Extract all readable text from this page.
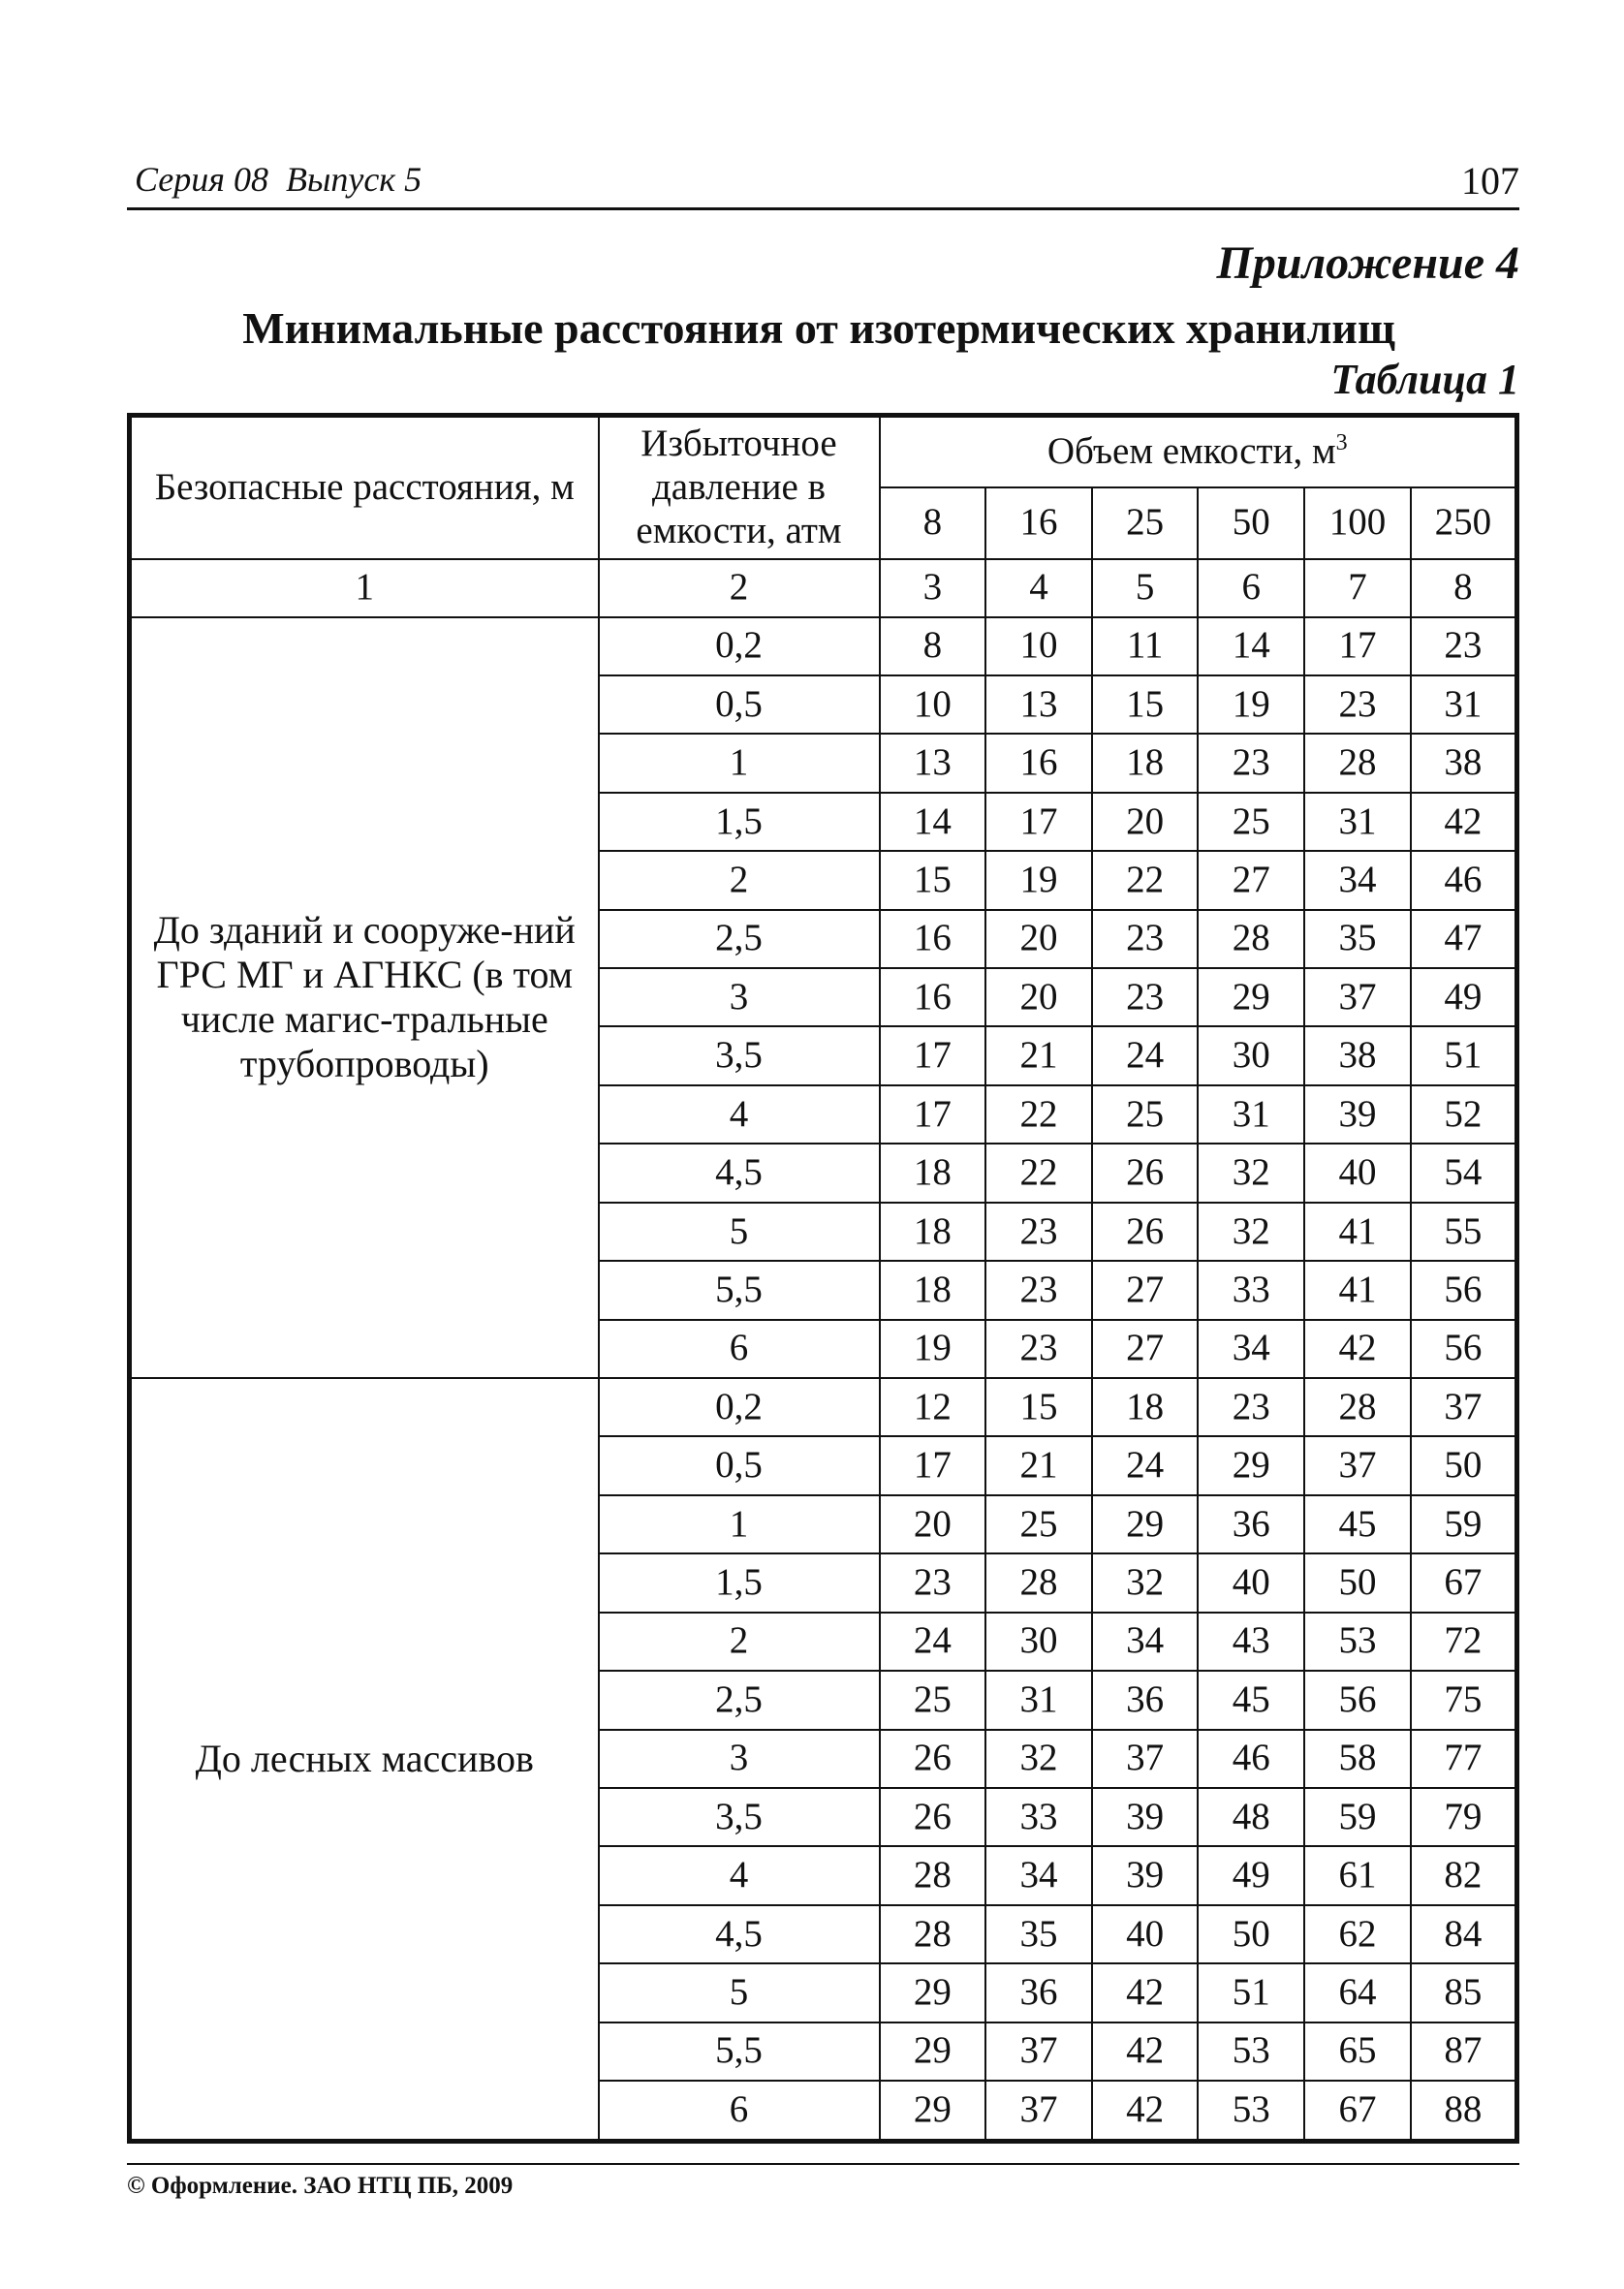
Серия 08  Выпуск 5	107
Приложение 4
Минимальные расстояния от изотермических хранилищ
Таблица 1
Безопасные расстояния, м	Избыточное давление в емкости, атм	Объем емкости, $м^3$
		8	16	25	50	100	250
1	2	3	4	5	6	7	8
До зданий и сооруже-ний ГРС МГ и АГНКС (в том числе магис-тральные трубопроводы)	0,2	8	10	11	14	17	23
	0,5	10	13	15	19	23	31
	1	13	16	18	23	28	38
	1,5	14	17	20	25	31	42
	2	15	19	22	27	34	46
	2,5	16	20	23	28	35	47
	3	16	20	23	29	37	49
	3,5	17	21	24	30	38	51
	4	17	22	25	31	39	52
	4,5	18	22	26	32	40	54
	5	18	23	26	32	41	55
	5,5	18	23	27	33	41	56
	6	19	23	27	34	42	56
До лесных массивов	0,2	12	15	18	23	28	37
	0,5	17	21	24	29	37	50
	1	20	25	29	36	45	59
	1,5	23	28	32	40	50	67
	2	24	30	34	43	53	72
	2,5	25	31	36	45	56	75
	3	26	32	37	46	58	77
	3,5	26	33	39	48	59	79
	4	28	34	39	49	61	82
	4,5	28	35	40	50	62	84
	5	29	36	42	51	64	85
	5,5	29	37	42	53	65	87
	6	29	37	42	53	67	88
© Оформление. ЗАО НТЦ ПБ, 2009
